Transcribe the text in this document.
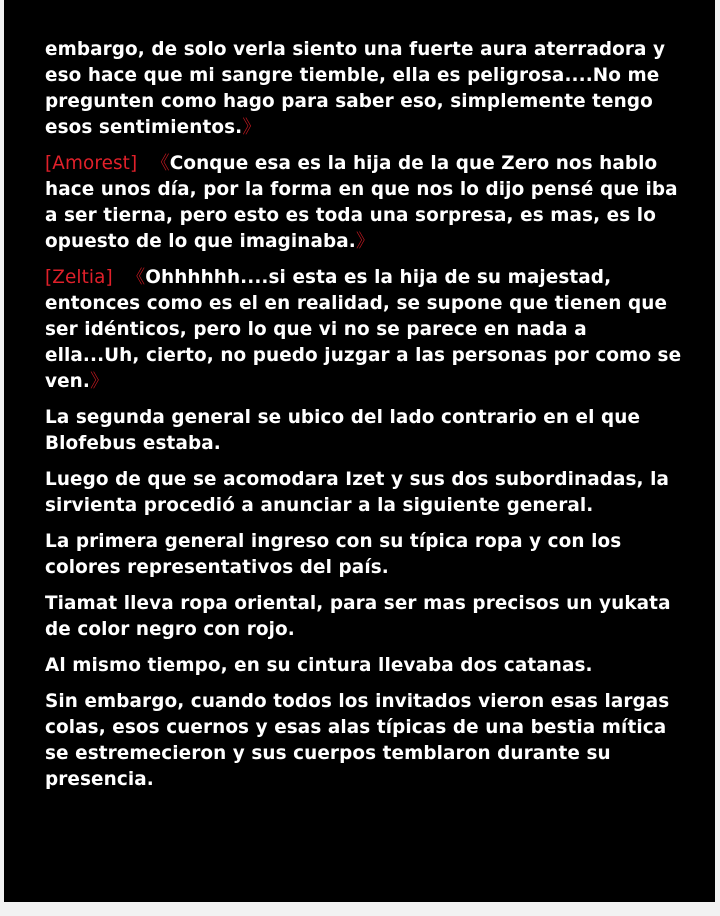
embargo, de solo verla siento una fuerte aura aterradora y eso hace que mi sangre tiemble, ella es peligrosa....No me pregunten como hago para saber eso, simplemente tengo esos sentimientos.》
[Amorest] 《Conque esa es la hija de la que Zero nos hablo hace unos día, por la forma en que nos lo dijo pensé que iba a ser tierna, pero esto es toda una sorpresa, es mas, es lo opuesto de lo que imaginaba.》
[Zeltia] 《Ohhhhhh....si esta es la hija de su majestad, entonces como es el en realidad, se supone que tienen que ser idénticos, pero lo que vi no se parece en nada a ella...Uh, cierto, no puedo juzgar a las personas por como se ven.》
La segunda general se ubico del lado contrario en el que Blofebus estaba.
Luego de que se acomodara Izet y sus dos subordinadas, la sirvienta procedió a anunciar a la siguiente general.
La primera general ingreso con su típica ropa y con los colores representativos del país.
Tiamat lleva ropa oriental, para ser mas precisos un yukata de color negro con rojo.
Al mismo tiempo, en su cintura llevaba dos catanas.
Sin embargo, cuando todos los invitados vieron esas largas colas, esos cuernos y esas alas típicas de una bestia mítica se estremecieron y sus cuerpos temblaron durante su presencia.
